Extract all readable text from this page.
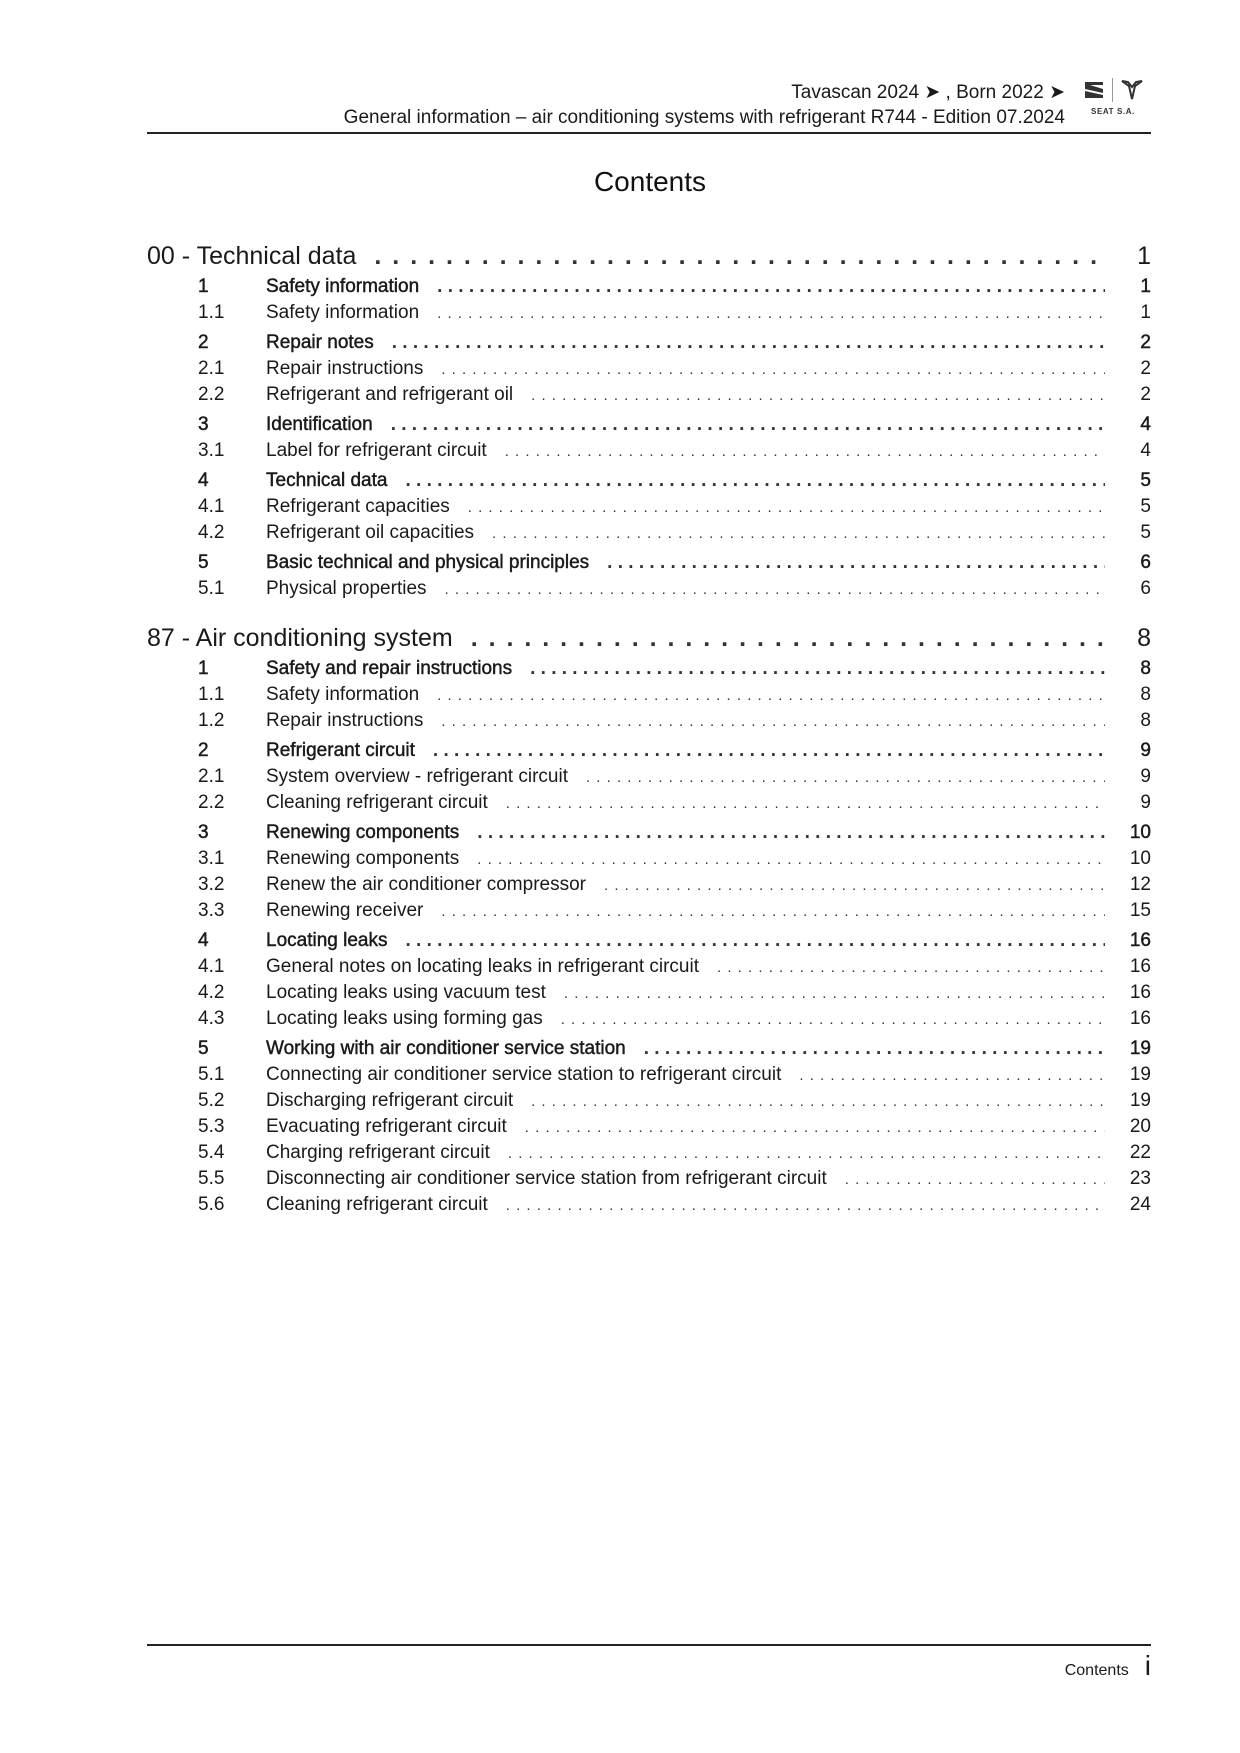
Tavascan 2024 ➤ , Born 2022 ➤
General information – air conditioning systems with refrigerant R744 - Edition 07.2024	SEAT S.A.
Contents
00 - Technical data . . .	1
1	Safety information . . .	1
1.1	Safety information . . .	1
2	Repair notes . . .	2
2.1	Repair instructions . . .	2
2.2	Refrigerant and refrigerant oil . . .	2
3	Identification . . .	4
3.1	Label for refrigerant circuit . . .	4
4	Technical data . . .	5
4.1	Refrigerant capacities . . .	5
4.2	Refrigerant oil capacities . . .	5
5	Basic technical and physical principles . . .	6
5.1	Physical properties . . .	6
87 - Air conditioning system . . .	8
1	Safety and repair instructions . . .	8
1.1	Safety information . . .	8
1.2	Repair instructions . . .	8
2	Refrigerant circuit . . .	9
2.1	System overview - refrigerant circuit . . .	9
2.2	Cleaning refrigerant circuit . . .	9
3	Renewing components . . .	10
3.1	Renewing components . . .	10
3.2	Renew the air conditioner compressor . . .	12
3.3	Renewing receiver . . .	15
4	Locating leaks . . .	16
4.1	General notes on locating leaks in refrigerant circuit . . .	16
4.2	Locating leaks using vacuum test . . .	16
4.3	Locating leaks using forming gas . . .	16
5	Working with air conditioner service station . . .	19
5.1	Connecting air conditioner service station to refrigerant circuit . . .	19
5.2	Discharging refrigerant circuit . . .	19
5.3	Evacuating refrigerant circuit . . .	20
5.4	Charging refrigerant circuit . . .	22
5.5	Disconnecting air conditioner service station from refrigerant circuit . . .	23
5.6	Cleaning refrigerant circuit . . .	24
Contents i
